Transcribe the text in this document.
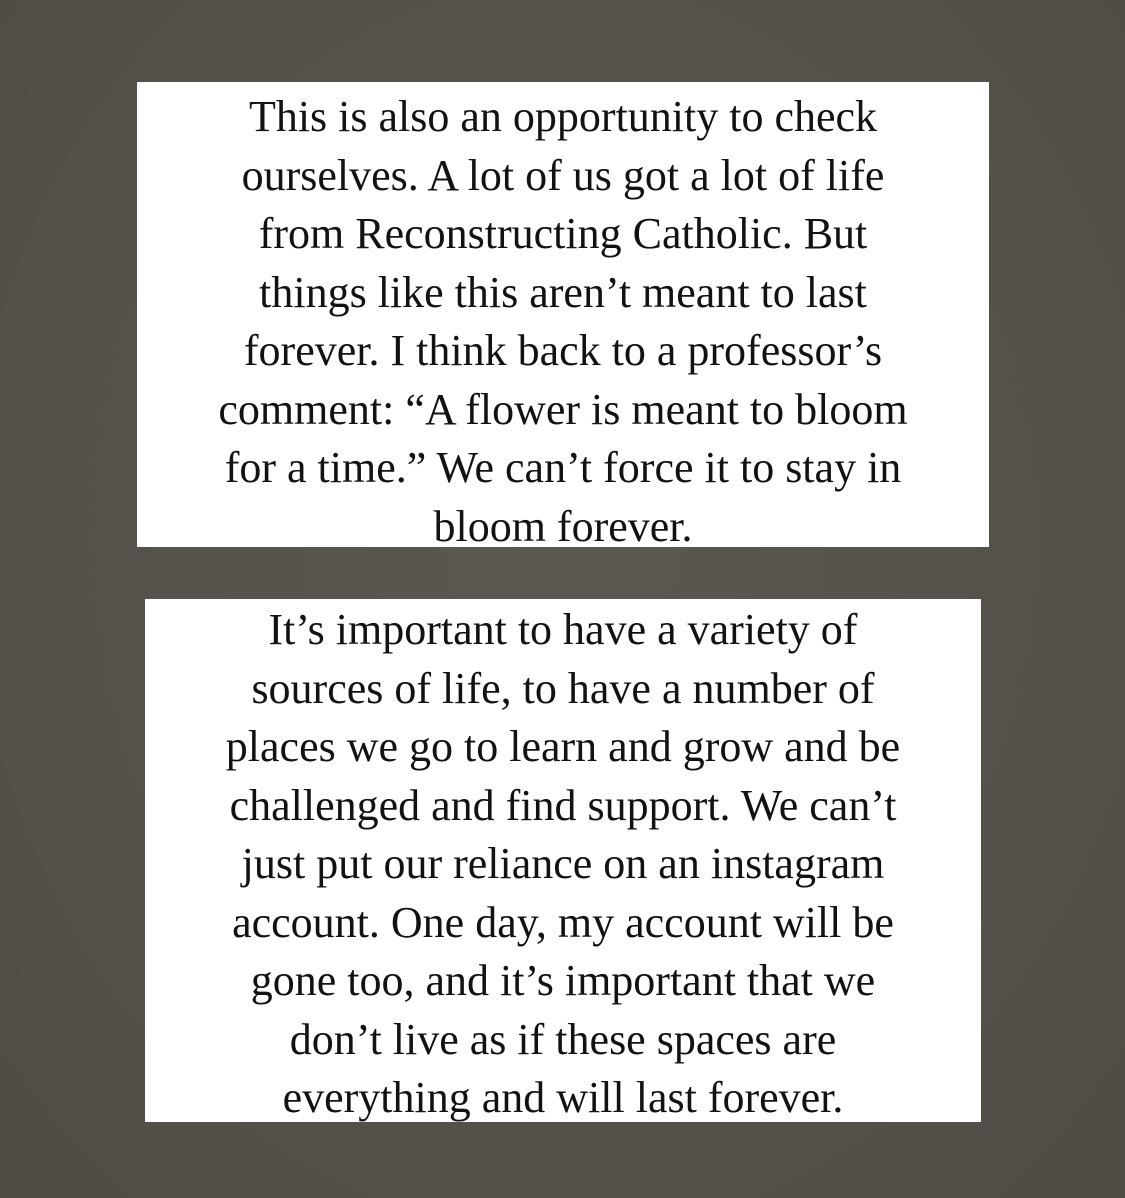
This is also an opportunity to check
ourselves. A lot of us got a lot of life
from Reconstructing Catholic. But
things like this aren’t meant to last
forever. I think back to a professor’s
comment: “A flower is meant to bloom
for a time.” We can’t force it to stay in
bloom forever.
It’s important to have a variety of
sources of life, to have a number of
places we go to learn and grow and be
challenged and find support. We can’t
just put our reliance on an instagram
account. One day, my account will be
gone too, and it’s important that we
don’t live as if these spaces are
everything and will last forever.
